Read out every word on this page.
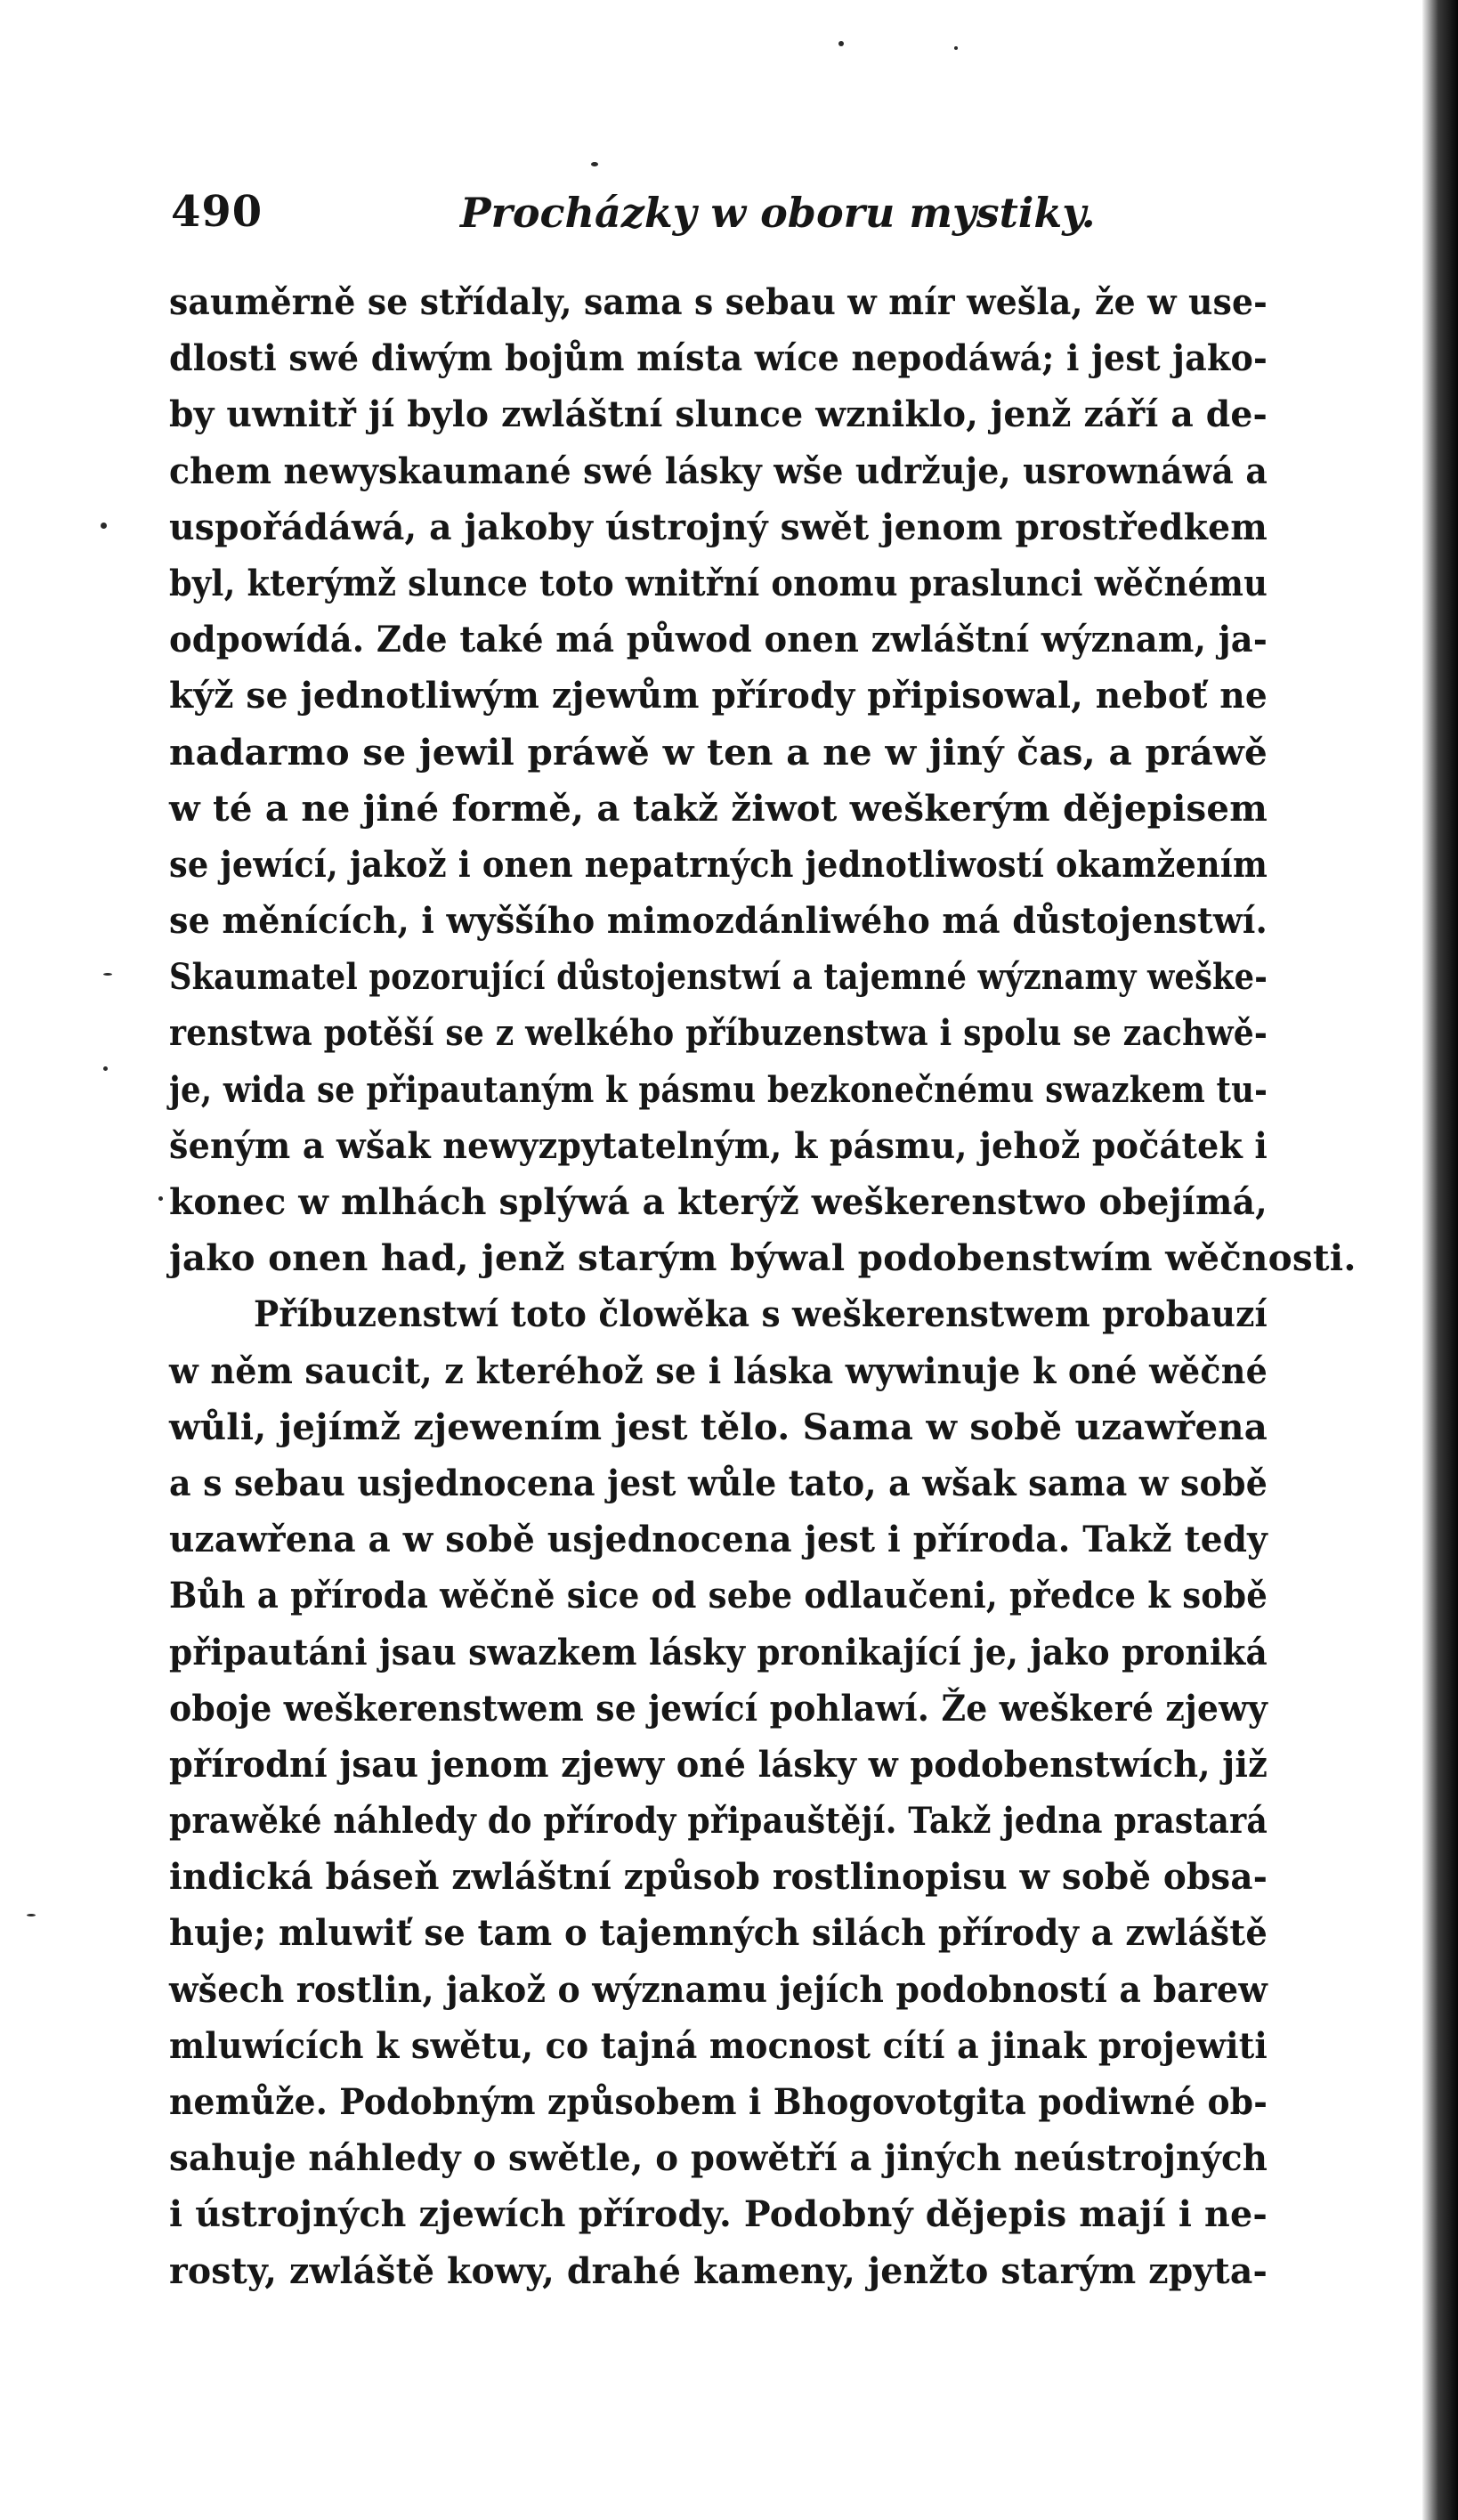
490	Procházky w oboru mystiky.
sauměrně se střídaly, sama s sebau w mír wešla, že w use-
dlosti swé diwým bojům místa wíce nepodáwá; i jest jako-
by uwnitř jí bylo zwláštní slunce wzniklo, jenž září a de-
chem newyskaumané swé lásky wše udržuje, usrownáwá a
uspořádáwá, a jakoby ústrojný swět jenom prostředkem
byl, kterýmž slunce toto wnitřní onomu praslunci wěčnému
odpowídá. Zde také má půwod onen zwláštní wýznam, ja-
kýž se jednotliwým zjewům přírody připisowal, neboť ne
nadarmo se jewil práwě w ten a ne w jiný čas, a práwě
w té a ne jiné formě, a takž žiwot weškerým dějepisem
se jewící, jakož i onen nepatrných jednotliwostí okamžením
se měnících, i wyššího mimozdánliwého má důstojenstwí.
Skaumatel pozorující důstojenstwí a tajemné wýznamy weške-
renstwa potěší se z welkého příbuzenstwa i spolu se zachwě-
je, wida se připautaným k pásmu bezkonečnému swazkem tu-
šeným a wšak newyzpytatelným, k pásmu, jehož počátek i
konec w mlhách splýwá a kterýž weškerenstwo obejímá,
jako onen had, jenž starým býwal podobenstwím wěčnosti.
Příbuzenstwí toto člowěka s weškerenstwem probauzí
w něm saucit, z kteréhož se i láska wywinuje k oné wěčné
wůli, jejímž zjewením jest tělo. Sama w sobě uzawřena
a s sebau usjednocena jest wůle tato, a wšak sama w sobě
uzawřena a w sobě usjednocena jest i příroda. Takž tedy
Bůh a příroda wěčně sice od sebe odlaučeni, předce k sobě
připautáni jsau swazkem lásky pronikající je, jako proniká
oboje weškerenstwem se jewící pohlawí. Že weškeré zjewy
přírodní jsau jenom zjewy oné lásky w podobenstwích, již
prawěké náhledy do přírody připauštějí. Takž jedna prastará
indická báseň zwláštní způsob rostlinopisu w sobě obsa-
huje; mluwiť se tam o tajemných silách přírody a zwláště
wšech rostlin, jakož o wýznamu jejích podobností a barew
mluwících k swětu, co tajná mocnost cítí a jinak projewiti
nemůže. Podobným způsobem i Bhogovotgita podiwné ob-
sahuje náhledy o swětle, o powětří a jiných neústrojných
i ústrojných zjewích přírody. Podobný dějepis mají i ne-
rosty, zwláště kowy, drahé kameny, jenžto starým zpyta-
